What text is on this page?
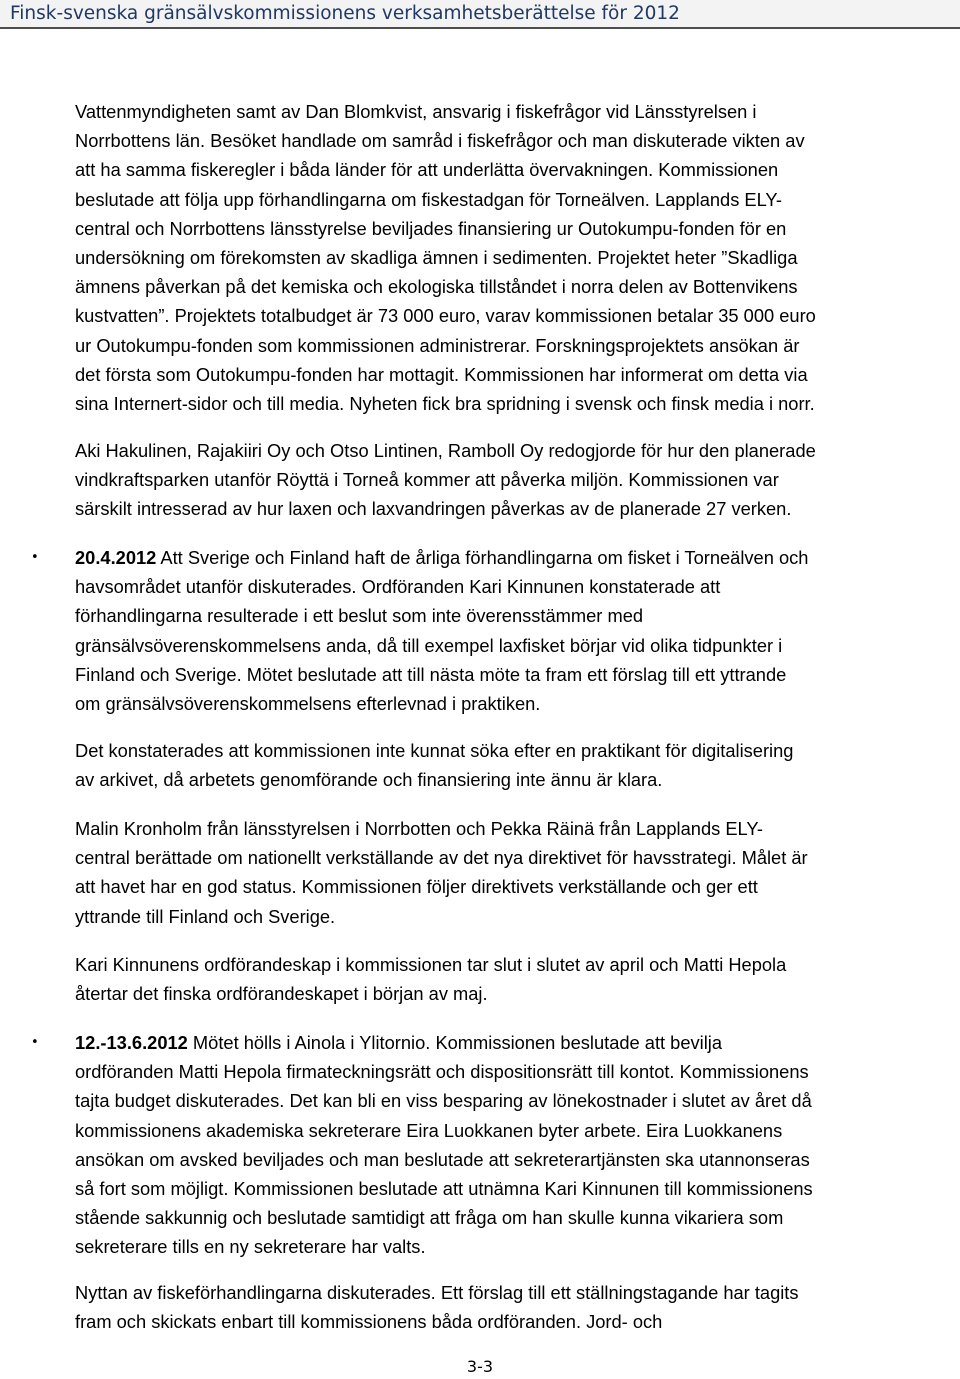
Finsk-svenska gränsälvskommissionens verksamhetsberättelse för 2012
Vattenmyndigheten samt av Dan Blomkvist, ansvarig i fiskefrågor vid Länsstyrelsen i
Norrbottens län. Besöket handlade om samråd i fiskefrågor och man diskuterade vikten av
att ha samma fiskeregler i båda länder för att underlätta övervakningen. Kommissionen
beslutade att följa upp förhandlingarna om fiskestadgan för Torneälven. Lapplands ELY-
central och Norrbottens länsstyrelse beviljades finansiering ur Outokumpu-fonden för en
undersökning om förekomsten av skadliga ämnen i sedimenten. Projektet heter ”Skadliga
ämnens påverkan på det kemiska och ekologiska tillståndet i norra delen av Bottenvikens
kustvatten”. Projektets totalbudget är 73 000 euro, varav kommissionen betalar 35 000 euro
ur Outokumpu-fonden som kommissionen administrerar. Forskningsprojektets ansökan är
det första som Outokumpu-fonden har mottagit. Kommissionen har informerat om detta via
sina Internert-sidor och till media. Nyheten fick bra spridning i svensk och finsk media i norr.
Aki Hakulinen, Rajakiiri Oy och Otso Lintinen, Ramboll Oy redogjorde för hur den planerade
vindkraftsparken utanför Röyttä i Torneå kommer att påverka miljön. Kommissionen var
särskilt intresserad av hur laxen och laxvandringen påverkas av de planerade 27 verken.
• 20.4.2012 Att Sverige och Finland haft de årliga förhandlingarna om fisket i Torneälven och
havsområdet utanför diskuterades. Ordföranden Kari Kinnunen konstaterade att
förhandlingarna resulterade i ett beslut som inte överensstämmer med
gränsälvsöverenskommelsens anda, då till exempel laxfisket börjar vid olika tidpunkter i
Finland och Sverige. Mötet beslutade att till nästa möte ta fram ett förslag till ett yttrande
om gränsälvsöverenskommelsens efterlevnad i praktiken.
Det konstaterades att kommissionen inte kunnat söka efter en praktikant för digitalisering
av arkivet, då arbetets genomförande och finansiering inte ännu är klara.
Malin Kronholm från länsstyrelsen i Norrbotten och Pekka Räinä från Lapplands ELY-
central berättade om nationellt verkställande av det nya direktivet för havsstrategi. Målet är
att havet har en god status. Kommissionen följer direktivets verkställande och ger ett
yttrande till Finland och Sverige.
Kari Kinnunens ordförandeskap i kommissionen tar slut i slutet av april och Matti Hepola
återtar det finska ordförandeskapet i början av maj.
• 12.-13.6.2012 Mötet hölls i Ainola i Ylitornio. Kommissionen beslutade att bevilja
ordföranden Matti Hepola firmateckningsrätt och dispositionsrätt till kontot. Kommissionens
tajta budget diskuterades. Det kan bli en viss besparing av lönekostnader i slutet av året då
kommissionens akademiska sekreterare Eira Luokkanen byter arbete. Eira Luokkanens
ansökan om avsked beviljades och man beslutade att sekreterartjänsten ska utannonseras
så fort som möjligt. Kommissionen beslutade att utnämna Kari Kinnunen till kommissionens
stående sakkunnig och beslutade samtidigt att fråga om han skulle kunna vikariera som
sekreterare tills en ny sekreterare har valts.
Nyttan av fiskeförhandlingarna diskuterades. Ett förslag till ett ställningstagande har tagits
fram och skickats enbart till kommissionens båda ordföranden. Jord- och
3-3
